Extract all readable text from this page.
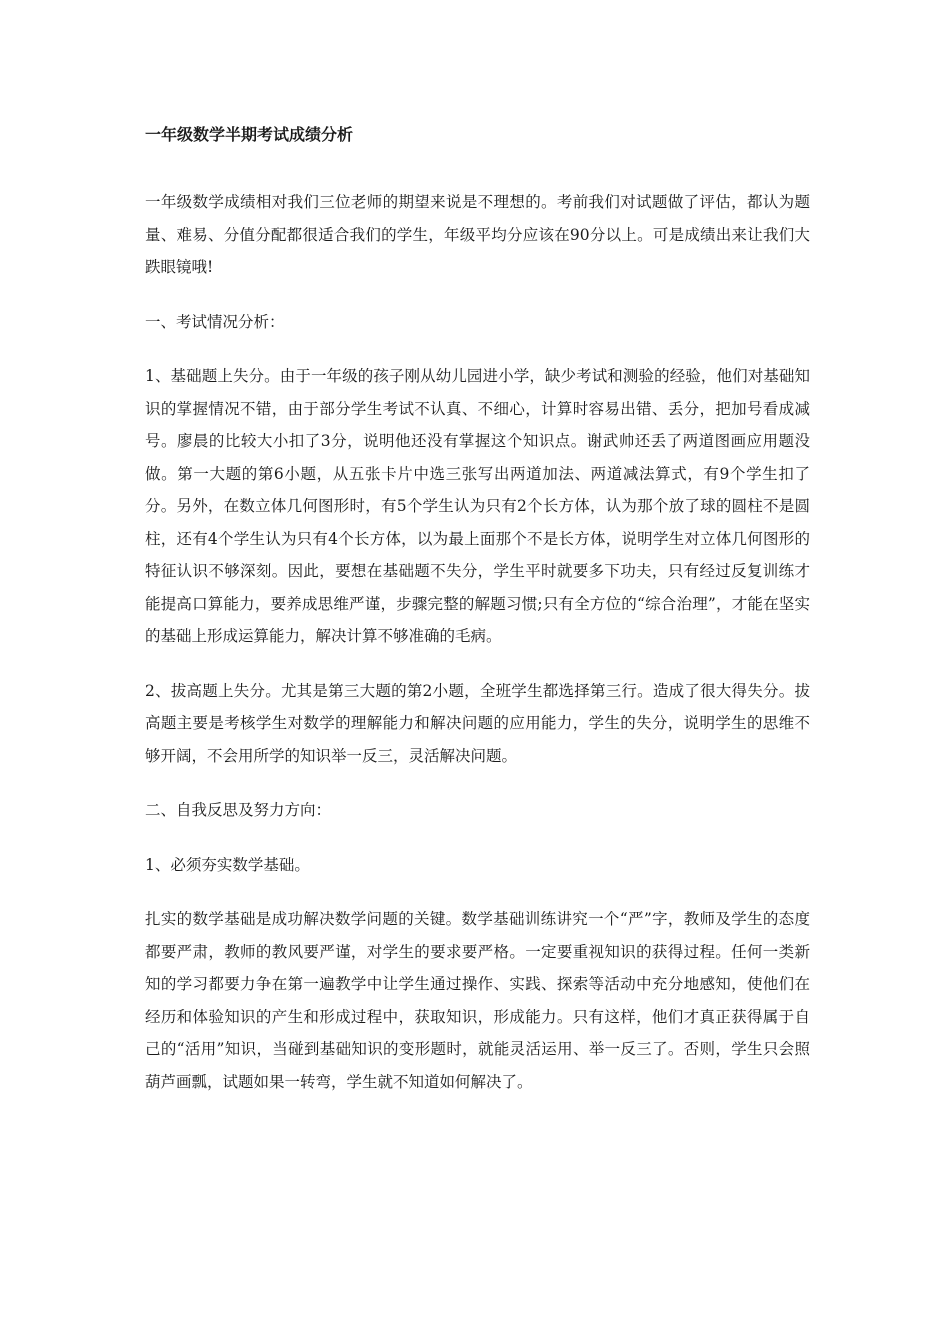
一年级数学半期考试成绩分析

一年级数学成绩相对我们三位老师的期望来说是不理想的。考前我们对试题做了评估，都认为题量、难易、分值分配都很适合我们的学生，年级平均分应该在90分以上。可是成绩出来让我们大跌眼镜哦!

一、考试情况分析：

1、基础题上失分。由于一年级的孩子刚从幼儿园进小学，缺少考试和测验的经验，他们对基础知识的掌握情况不错，由于部分学生考试不认真、不细心，计算时容易出错、丢分，把加号看成减号。廖晨的比较大小扣了3分，说明他还没有掌握这个知识点。谢武帅还丢了两道图画应用题没做。第一大题的第6小题，从五张卡片中选三张写出两道加法、两道减法算式，有9个学生扣了分。另外，在数立体几何图形时，有5个学生认为只有2个长方体，认为那个放了球的圆柱不是圆柱，还有4个学生认为只有4个长方体，以为最上面那个不是长方体，说明学生对立体几何图形的特征认识不够深刻。因此，要想在基础题不失分，学生平时就要多下功夫，只有经过反复训练才能提高口算能力，要养成思维严谨，步骤完整的解题习惯;只有全方位的“综合治理”，才能在坚实的基础上形成运算能力，解决计算不够准确的毛病。

2、拔高题上失分。尤其是第三大题的第2小题，全班学生都选择第三行。造成了很大得失分。拔高题主要是考核学生对数学的理解能力和解决问题的应用能力，学生的失分，说明学生的思维不够开阔，不会用所学的知识举一反三，灵活解决问题。

二、自我反思及努力方向：

1、必须夯实数学基础。

扎实的数学基础是成功解决数学问题的关键。数学基础训练讲究一个“严”字，教师及学生的态度都要严肃，教师的教风要严谨，对学生的要求要严格。一定要重视知识的获得过程。任何一类新知的学习都要力争在第一遍教学中让学生通过操作、实践、探索等活动中充分地感知，使他们在经历和体验知识的产生和形成过程中，获取知识，形成能力。只有这样，他们才真正获得属于自己的“活用”知识，当碰到基础知识的变形题时，就能灵活运用、举一反三了。否则，学生只会照葫芦画瓢，试题如果一转弯，学生就不知道如何解决了。
